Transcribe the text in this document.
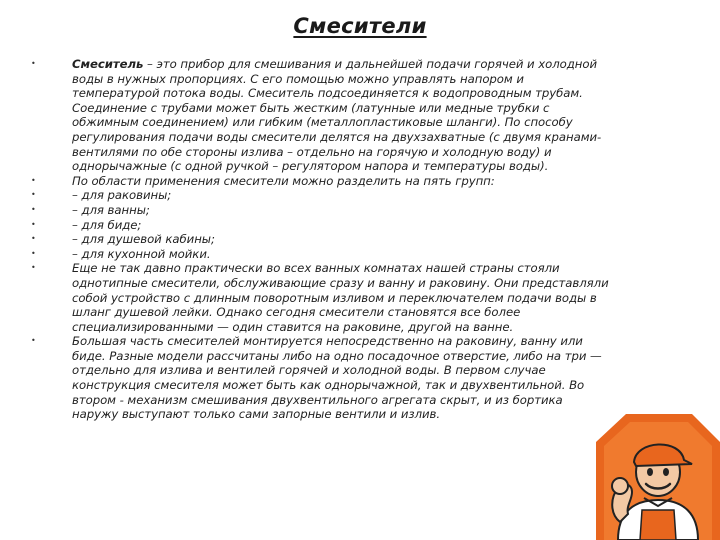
Смесители
•	Смеситель – это прибор для смешивания и дальнейшей подачи горячей и холодной
воды в нужных пропорциях. С его помощью можно управлять напором и
температурой потока воды. Смеситель подсоединяется к водопроводным трубам.
Соединение с трубами может быть жестким (латунные или медные трубки с
обжимным соединением) или гибким (металлопластиковые шланги). По способу
регулирования подачи воды смесители делятся на двухзахватные (с двумя кранами-
вентилями по обе стороны излива – отдельно на горячую и холодную воду) и
однорычажные (с одной ручкой – регулятором напора и температуры воды).
•	По области применения смесители можно разделить на пять групп:
•	– для раковины;
•	– для ванны;
•	– для биде;
•	– для душевой кабины;
•	– для кухонной мойки.
•	Еще не так давно практически во всех ванных комнатах нашей страны стояли
однотипные смесители, обслуживающие сразу и ванну и раковину. Они представляли
собой устройство с длинным поворотным изливом и переключателем подачи воды в
шланг душевой лейки. Однако сегодня смесители становятся все более
специализированными — один ставится на раковине, другой на ванне.
•	Большая часть смесителей монтируется непосредственно на раковину, ванну или
биде. Разные модели рассчитаны либо на одно посадочное отверстие, либо на три —
отдельно для излива и вентилей горячей и холодной воды. В первом случае
конструкция смесителя может быть как однорычажной, так и двухвентильной. Во
втором - механизм смешивания двухвентильного агрегата скрыт, и из бортика
наружу выступают только сами запорные вентили и излив.
